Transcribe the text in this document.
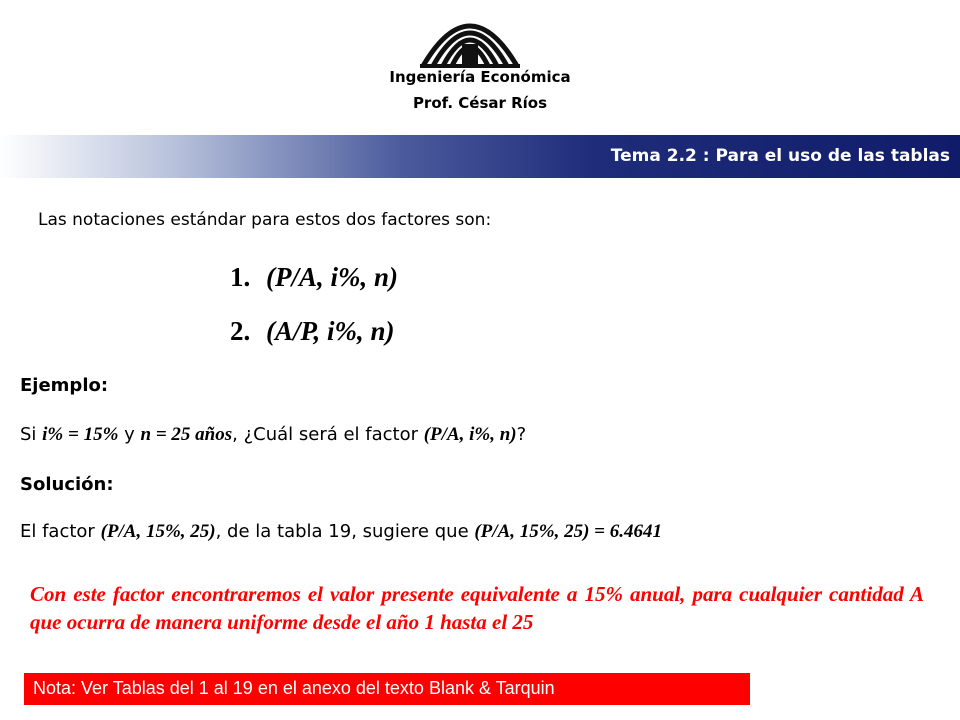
Ingeniería Económica
Prof. César Ríos
Tema 2.2 : Para el uso de las tablas
Las notaciones estándar para estos dos factores son:
1. (P/A, i%, n)
2. (A/P, i%, n)
Ejemplo:
Si i% = 15% y n = 25 años, ¿Cuál será el factor (P/A, i%, n)?
Solución:
El factor (P/A, 15%, 25), de la tabla 19, sugiere que (P/A, 15%, 25) = 6.4641
Con este factor encontraremos el valor presente equivalente a 15% anual, para cualquier cantidad A que ocurra de manera uniforme desde el año 1 hasta el 25
Nota: Ver Tablas del 1 al 19 en el anexo del texto Blank & Tarquin
